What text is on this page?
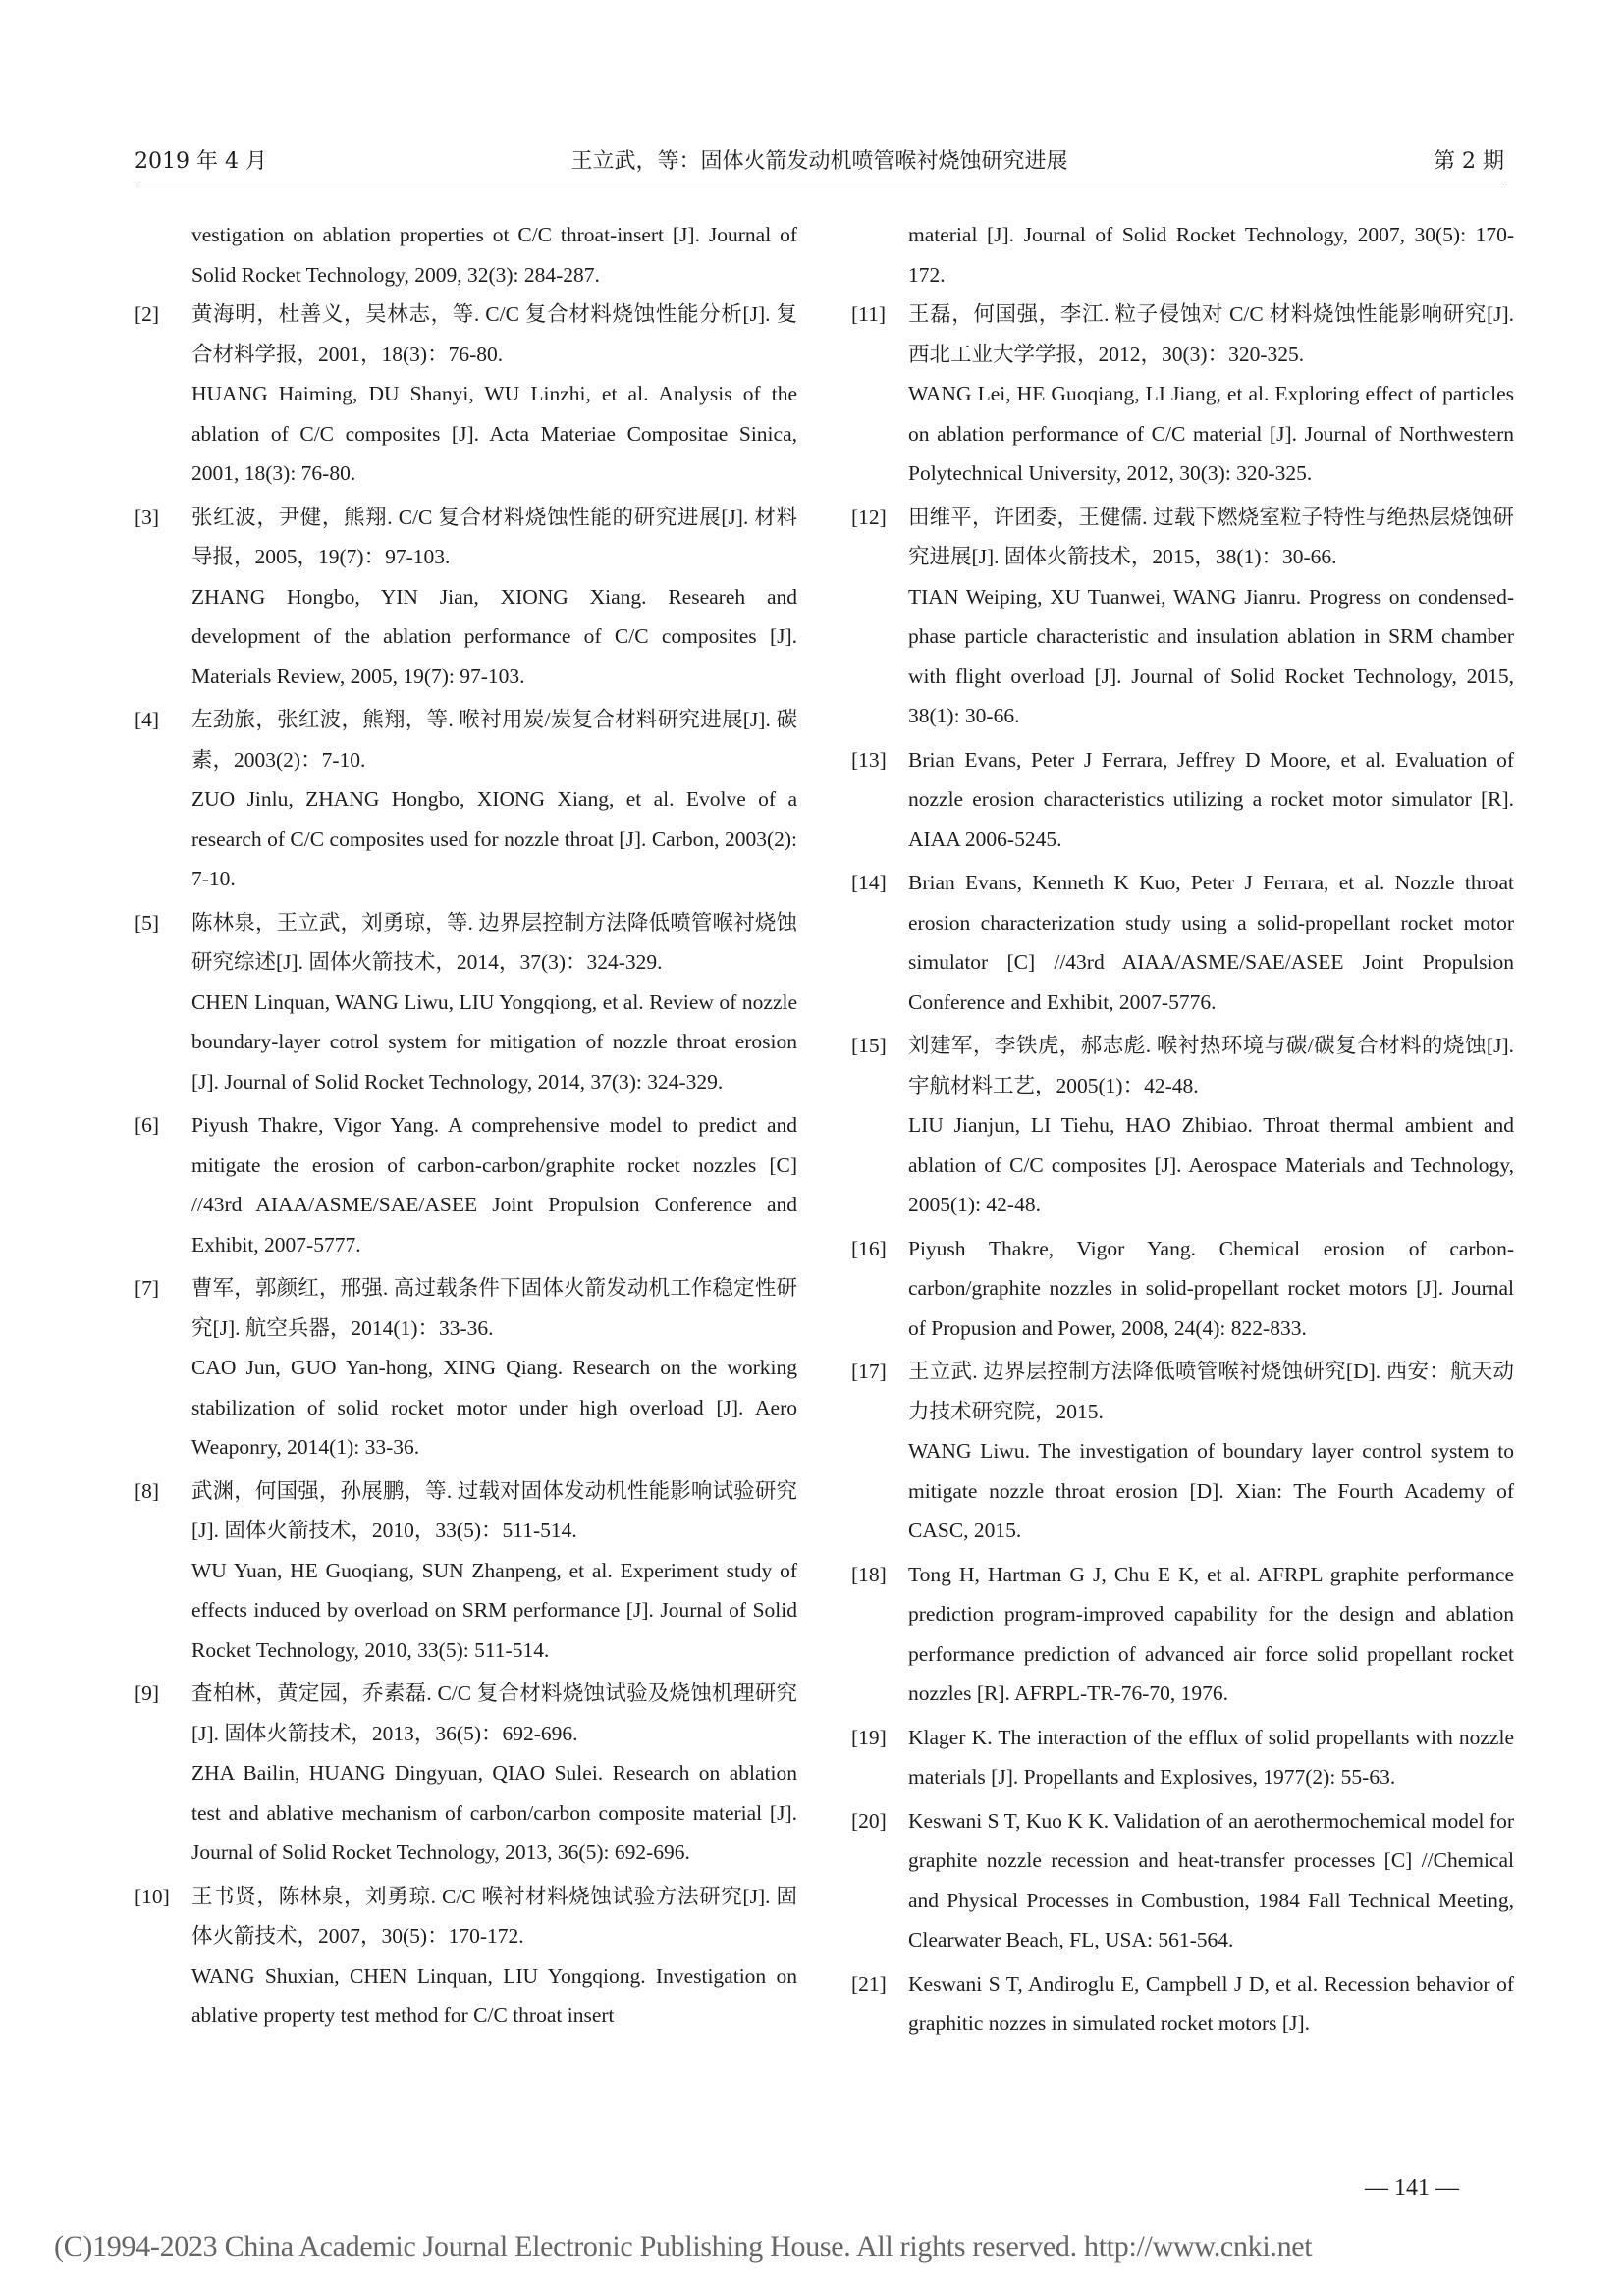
2019 年 4 月	王立武，等：固体火箭发动机喷管喉衬烧蚀研究进展	第 2 期

vestigation on ablation properties ot C/C throat-insert [J]. Journal of Solid Rocket Technology, 2009, 32(3): 284-287.

[2] 黄海明，杜善义，吴林志，等. C/C 复合材料烧蚀性能分析[J]. 复合材料学报，2001，18(3)：76-80.
HUANG Haiming, DU Shanyi, WU Linzhi, et al. Analysis of the ablation of C/C composites [J]. Acta Materiae Compositae Sinica, 2001, 18(3): 76-80.
[3] 张红波，尹健，熊翔. C/C 复合材料烧蚀性能的研究进展[J]. 材料导报，2005，19(7)：97-103.
ZHANG Hongbo, YIN Jian, XIONG Xiang. Researeh and development of the ablation performance of C/C composites [J]. Materials Review, 2005, 19(7): 97-103.
[4] 左劲旅，张红波，熊翔，等. 喉衬用炭/炭复合材料研究进展[J]. 碳素，2003(2)：7-10.
ZUO Jinlu, ZHANG Hongbo, XIONG Xiang, et al. Evolve of a research of C/C composites used for nozzle throat [J]. Carbon, 2003(2): 7-10.
[5] 陈林泉，王立武，刘勇琼，等. 边界层控制方法降低喷管喉衬烧蚀研究综述[J]. 固体火箭技术，2014，37(3)：324-329.
CHEN Linquan, WANG Liwu, LIU Yongqiong, et al. Review of nozzle boundary-layer cotrol system for mitigation of nozzle throat erosion [J]. Journal of Solid Rocket Technology, 2014, 37(3): 324-329.
[6] Piyush Thakre, Vigor Yang. A comprehensive model to predict and mitigate the erosion of carbon-carbon/graphite rocket nozzles [C] //43rd AIAA/ASME/SAE/ASEE Joint Propulsion Conference and Exhibit, 2007-5777.
[7] 曹军，郭颜红，邢强. 高过载条件下固体火箭发动机工作稳定性研究[J]. 航空兵器，2014(1)：33-36.
CAO Jun, GUO Yan-hong, XING Qiang. Research on the working stabilization of solid rocket motor under high overload [J]. Aero Weaponry, 2014(1): 33-36.
[8] 武渊，何国强，孙展鹏，等. 过载对固体发动机性能影响试验研究[J]. 固体火箭技术，2010，33(5)：511-514.
WU Yuan, HE Guoqiang, SUN Zhanpeng, et al. Experiment study of effects induced by overload on SRM performance [J]. Journal of Solid Rocket Technology, 2010, 33(5): 511-514.
[9] 査柏林，黄定园，乔素磊. C/C 复合材料烧蚀试验及烧蚀机理研究[J]. 固体火箭技术，2013，36(5)：692-696.
ZHA Bailin, HUANG Dingyuan, QIAO Sulei. Research on ablation test and ablative mechanism of carbon/carbon composite material [J]. Journal of Solid Rocket Technology, 2013, 36(5): 692-696.
[10] 王书贤，陈林泉，刘勇琼. C/C 喉衬材料烧蚀试验方法研究[J]. 固体火箭技术，2007，30(5)：170-172.
WANG Shuxian, CHEN Linquan, LIU Yongqiong. Investigation on ablative property test method for C/C throat insert

material [J]. Journal of Solid Rocket Technology, 2007, 30(5): 170-172.

[11] 王磊，何国强，李江. 粒子侵蚀对 C/C 材料烧蚀性能影响研究[J]. 西北工业大学学报，2012，30(3)：320-325.
WANG Lei, HE Guoqiang, LI Jiang, et al. Exploring effect of particles on ablation performance of C/C material [J]. Journal of Northwestern Polytechnical University, 2012, 30(3): 320-325.
[12] 田维平，许团委，王健儒. 过载下燃烧室粒子特性与绝热层烧蚀研究进展[J]. 固体火箭技术，2015，38(1)：30-66.
TIAN Weiping, XU Tuanwei, WANG Jianru. Progress on condensed-phase particle characteristic and insulation ablation in SRM chamber with flight overload [J]. Journal of Solid Rocket Technology, 2015, 38(1): 30-66.
[13] Brian Evans, Peter J Ferrara, Jeffrey D Moore, et al. Evaluation of nozzle erosion characteristics utilizing a rocket motor simulator [R]. AIAA 2006-5245.
[14] Brian Evans, Kenneth K Kuo, Peter J Ferrara, et al. Nozzle throat erosion characterization study using a solid-propellant rocket motor simulator [C] //43rd AIAA/ASME/SAE/ASEE Joint Propulsion Conference and Exhibit, 2007-5776.
[15] 刘建军，李铁虎，郝志彪. 喉衬热环境与碳/碳复合材料的烧蚀[J]. 宇航材料工艺，2005(1)：42-48.
LIU Jianjun, LI Tiehu, HAO Zhibiao. Throat thermal ambient and ablation of C/C composites [J]. Aerospace Materials and Technology, 2005(1): 42-48.
[16] Piyush Thakre, Vigor Yang. Chemical erosion of carbon-carbon/graphite nozzles in solid-propellant rocket motors [J]. Journal of Propusion and Power, 2008, 24(4): 822-833.
[17] 王立武. 边界层控制方法降低喷管喉衬烧蚀研究[D]. 西安：航天动力技术研究院，2015.
WANG Liwu. The investigation of boundary layer control system to mitigate nozzle throat erosion [D]. Xian: The Fourth Academy of CASC, 2015.
[18] Tong H, Hartman G J, Chu E K, et al. AFRPL graphite performance prediction program-improved capability for the design and ablation performance prediction of advanced air force solid propellant rocket nozzles [R]. AFRPL-TR-76-70, 1976.
[19] Klager K. The interaction of the efflux of solid propellants with nozzle materials [J]. Propellants and Explosives, 1977(2): 55-63.
[20] Keswani S T, Kuo K K. Validation of an aerothermochemical model for graphite nozzle recession and heat-transfer processes [C] //Chemical and Physical Processes in Combustion, 1984 Fall Technical Meeting, Clearwater Beach, FL, USA: 561-564.
[21] Keswani S T, Andiroglu E, Campbell J D, et al. Recession behavior of graphitic nozzes in simulated rocket motors [J].
— 141 —
(C)1994-2023 China Academic Journal Electronic Publishing House. All rights reserved. http://www.cnki.net
